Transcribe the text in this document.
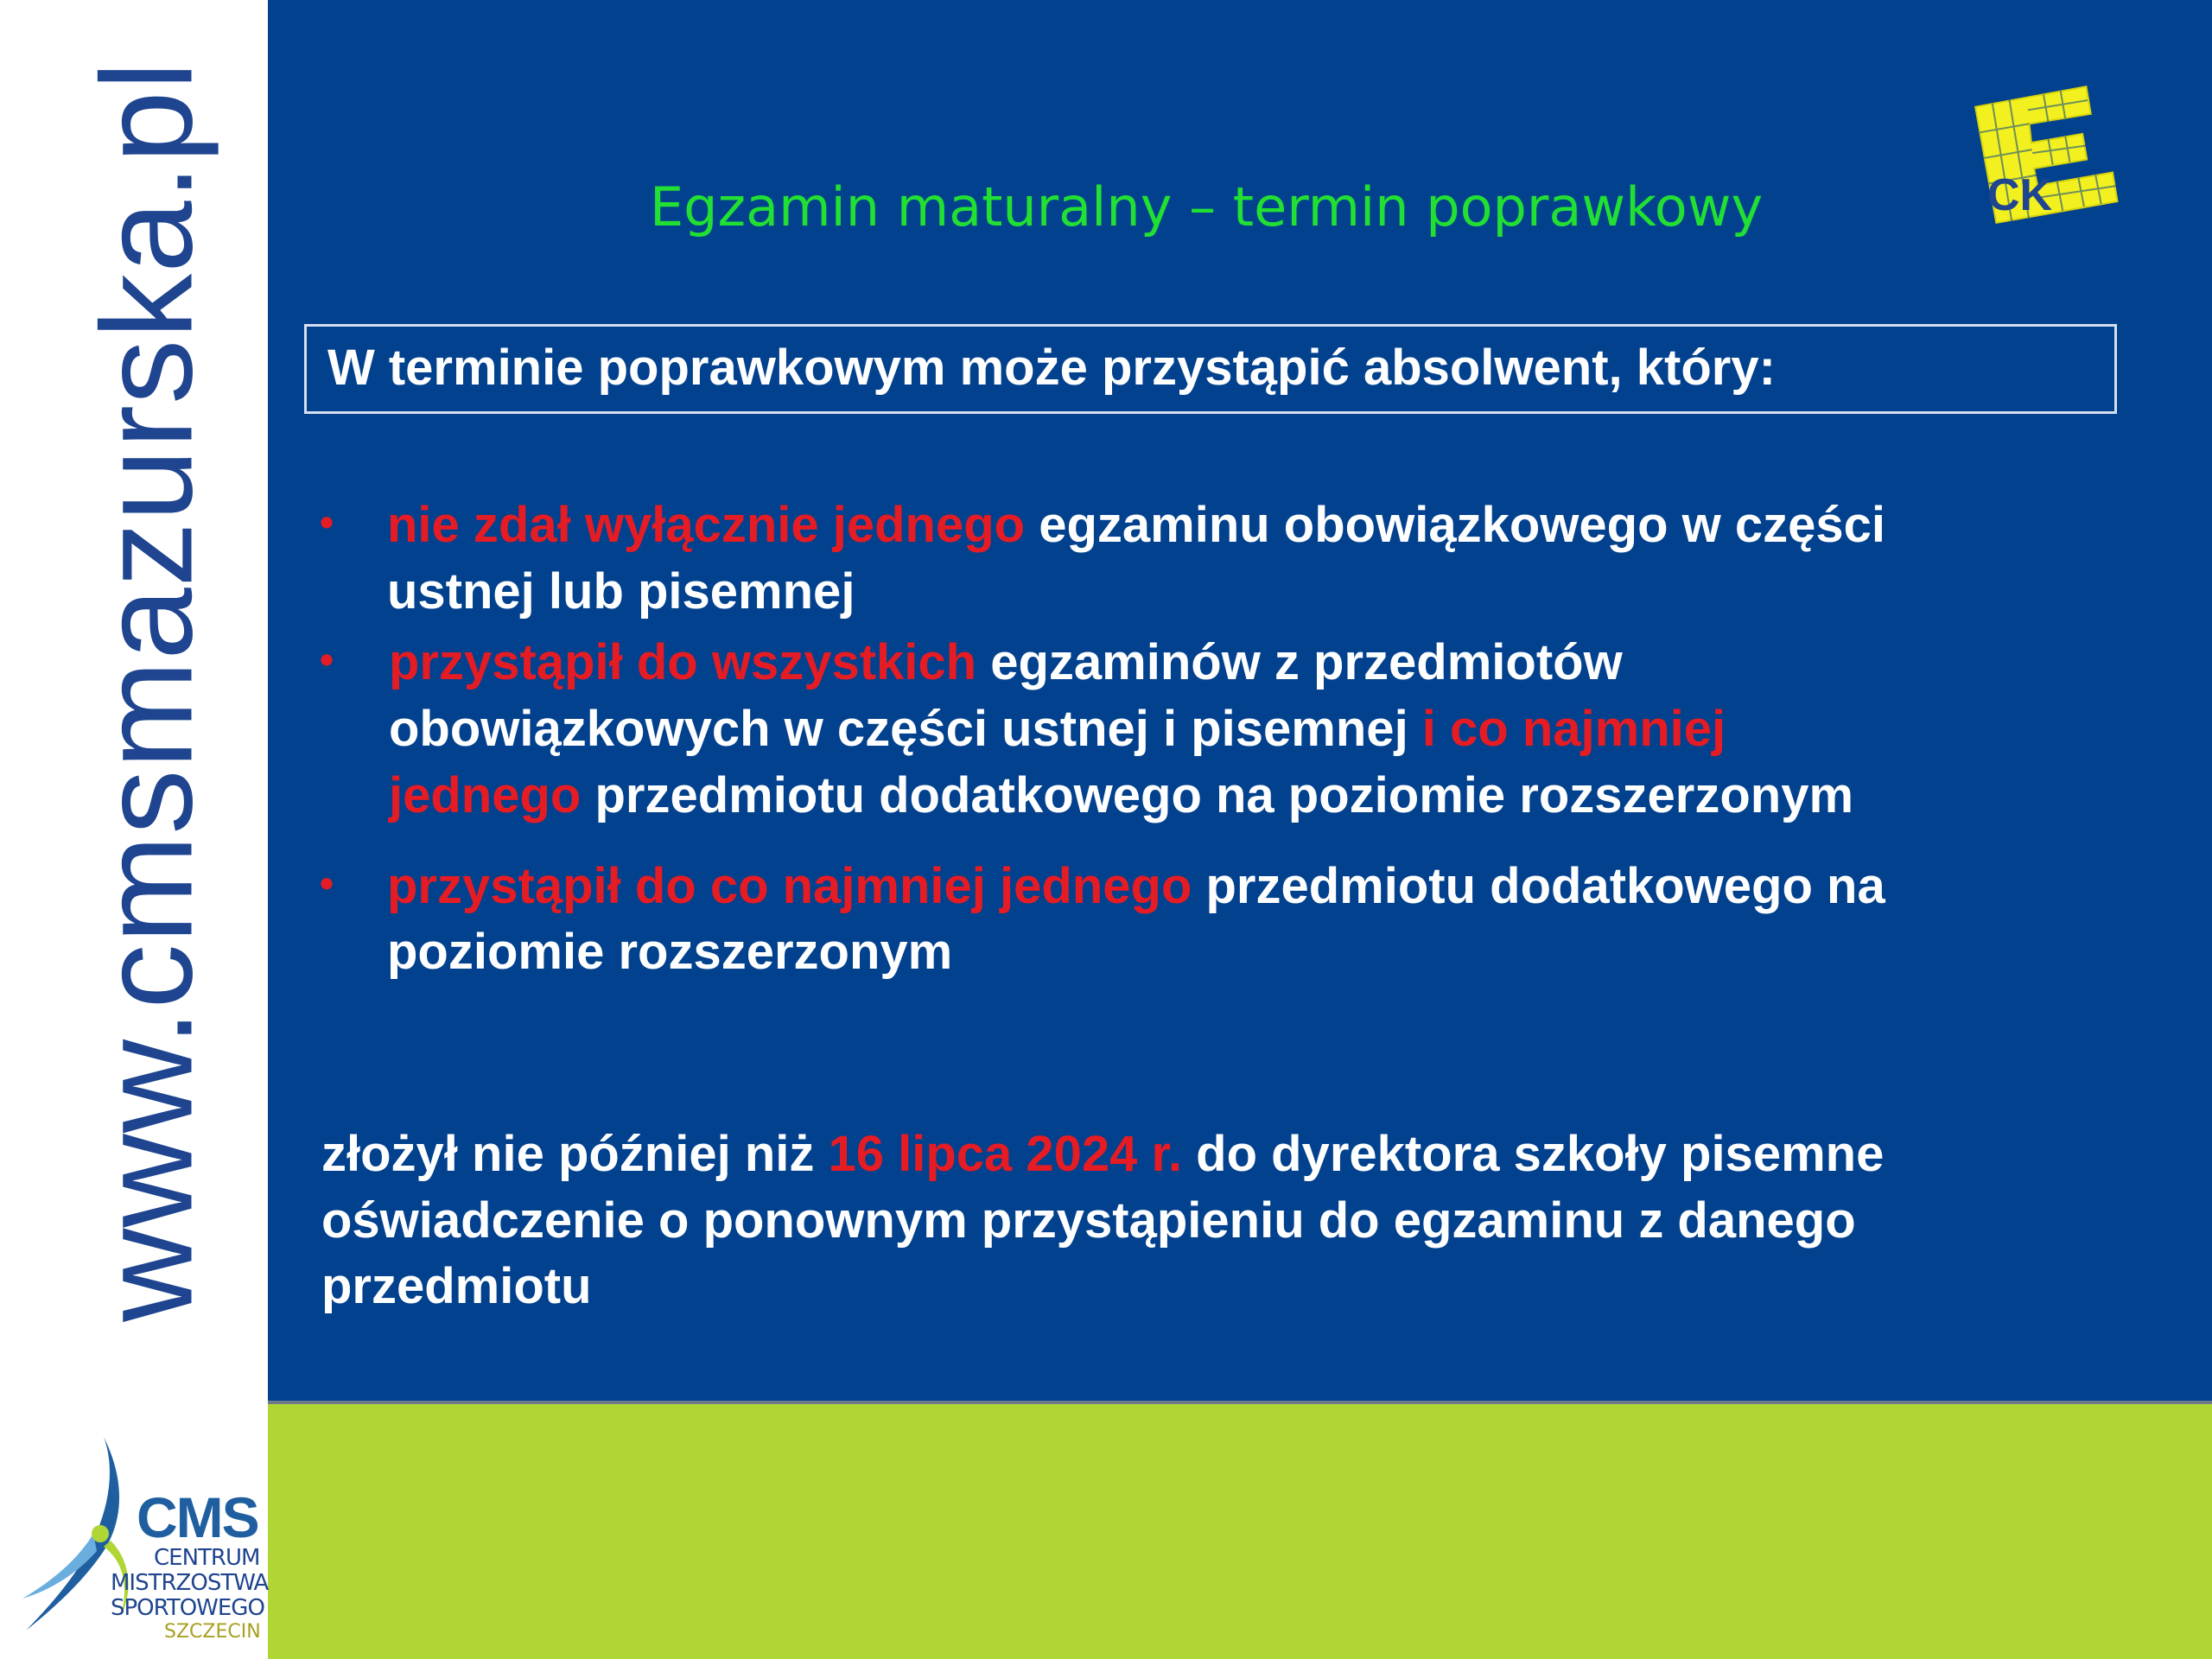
www.cmsmazurska.pl	Egzamin maturalny – termin poprawkowy	CK
W terminie poprawkowym może przystąpić absolwent, który:
• nie zdał wyłącznie jednego egzaminu obowiązkowego w części
ustnej lub pisemnej
• przystąpił do wszystkich egzaminów z przedmiotów
obowiązkowych w części ustnej i pisemnej i co najmniej
jednego przedmiotu dodatkowego na poziomie rozszerzonym
• przystąpił do co najmniej jednego przedmiotu dodatkowego na
poziomie rozszerzonym
złożył nie później niż 16 lipca 2024 r. do dyrektora szkoły pisemne
oświadczenie o ponownym przystąpieniu do egzaminu z danego
przedmiotu
CMS
CENTRUM
MISTRZOSTWA
SPORTOWEGO
SZCZECIN
